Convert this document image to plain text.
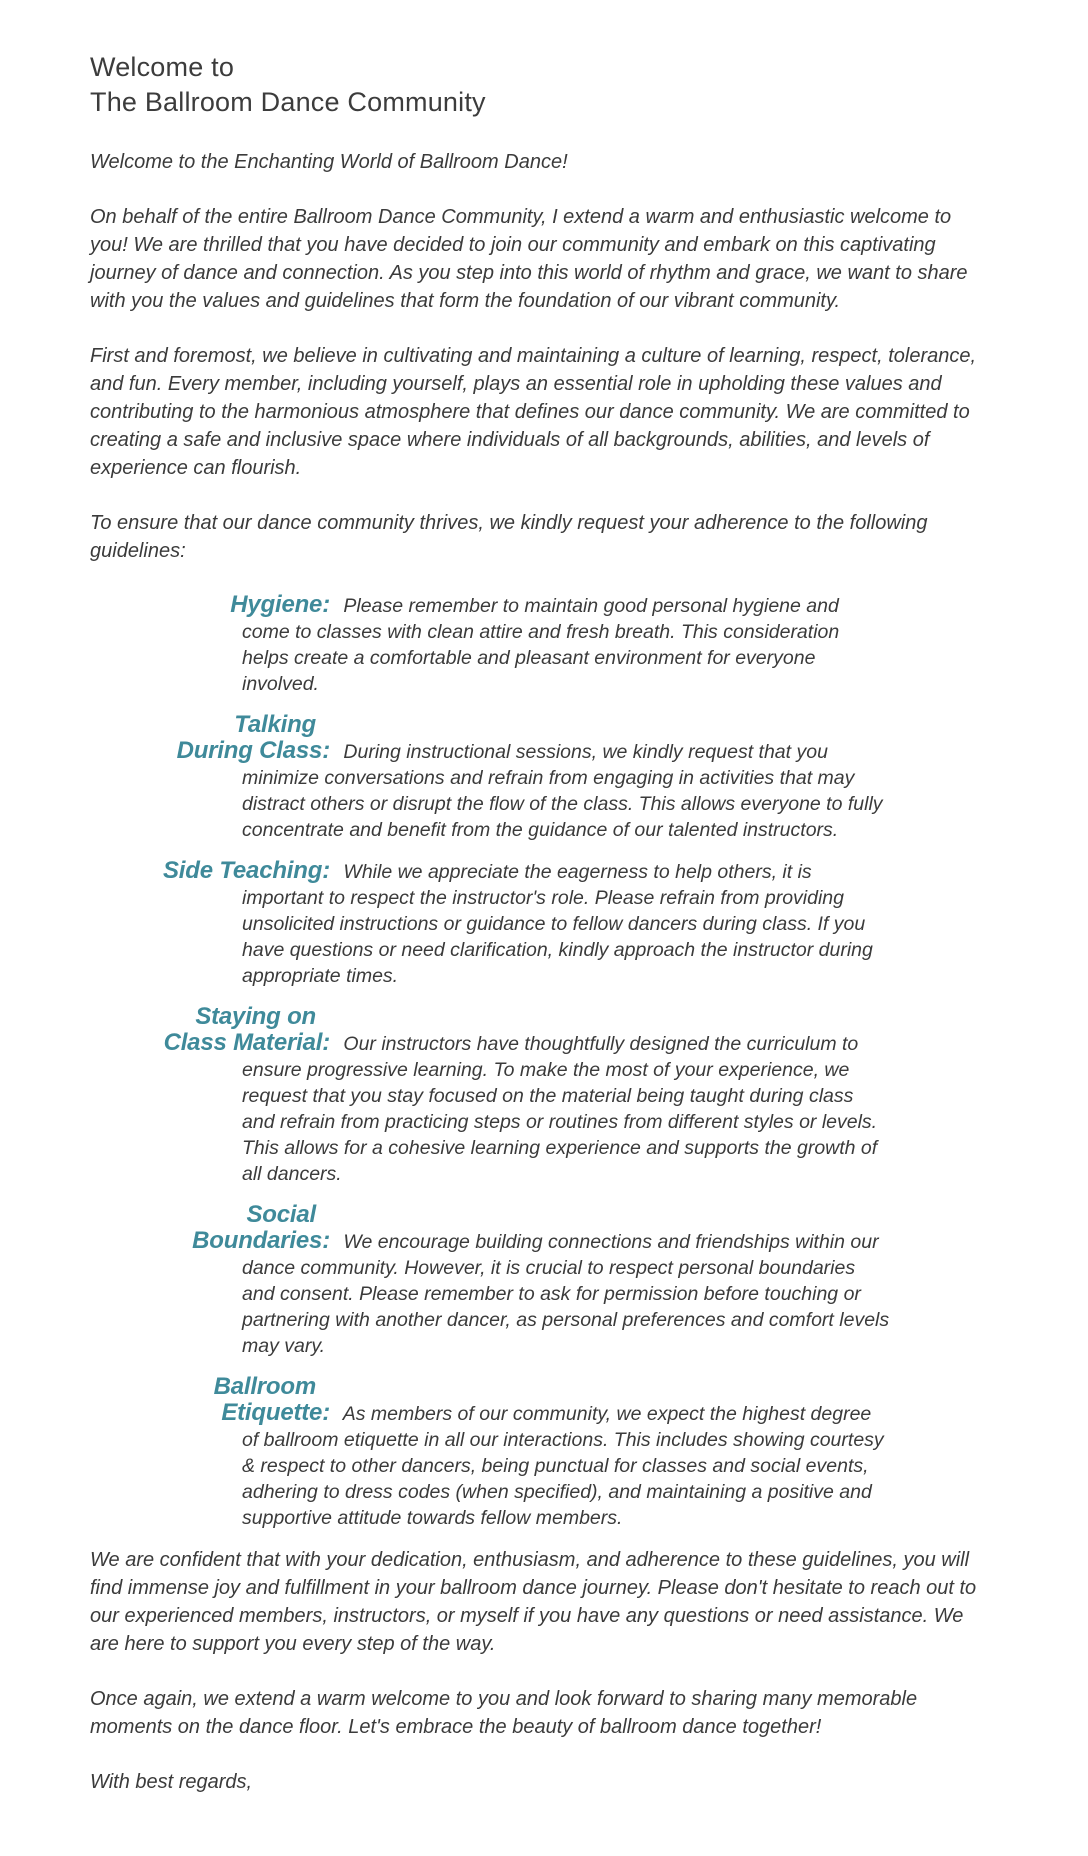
Welcome to
The Ballroom Dance Community

Welcome to the Enchanting World of Ballroom Dance!

On behalf of the entire Ballroom Dance Community, I extend a warm and enthusiastic welcome to you! We are thrilled that you have decided to join our community and embark on this captivating journey of dance and connection. As you step into this world of rhythm and grace, we want to share with you the values and guidelines that form the foundation of our vibrant community.

First and foremost, we believe in cultivating and maintaining a culture of learning, respect, tolerance, and fun. Every member, including yourself, plays an essential role in upholding these values and contributing to the harmonious atmosphere that defines our dance community. We are committed to creating a safe and inclusive space where individuals of all backgrounds, abilities, and levels of experience can flourish.

To ensure that our dance community thrives, we kindly request your adherence to the following guidelines:

Hygiene: Please remember to maintain good personal hygiene and come to classes with clean attire and fresh breath. This consideration helps create a comfortable and pleasant environment for everyone involved.

Talking
During Class: During instructional sessions, we kindly request that you minimize conversations and refrain from engaging in activities that may distract others or disrupt the flow of the class. This allows everyone to fully concentrate and benefit from the guidance of our talented instructors.

Side Teaching: While we appreciate the eagerness to help others, it is important to respect the instructor's role. Please refrain from providing unsolicited instructions or guidance to fellow dancers during class. If you have questions or need clarification, kindly approach the instructor during appropriate times.

Staying on
Class Material: Our instructors have thoughtfully designed the curriculum to ensure progressive learning. To make the most of your experience, we request that you stay focused on the material being taught during class and refrain from practicing steps or routines from different styles or levels. This allows for a cohesive learning experience and supports the growth of all dancers.

Social
Boundaries: We encourage building connections and friendships within our dance community. However, it is crucial to respect personal boundaries and consent. Please remember to ask for permission before touching or partnering with another dancer, as personal preferences and comfort levels may vary.

Ballroom
Etiquette: As members of our community, we expect the highest degree of ballroom etiquette in all our interactions. This includes showing courtesy & respect to other dancers, being punctual for classes and social events, adhering to dress codes (when specified), and maintaining a positive and supportive attitude towards fellow members.

We are confident that with your dedication, enthusiasm, and adherence to these guidelines, you will find immense joy and fulfillment in your ballroom dance journey. Please don't hesitate to reach out to our experienced members, instructors, or myself if you have any questions or need assistance. We are here to support you every step of the way.

Once again, we extend a warm welcome to you and look forward to sharing many memorable moments on the dance floor. Let's embrace the beauty of ballroom dance together!

With best regards,
